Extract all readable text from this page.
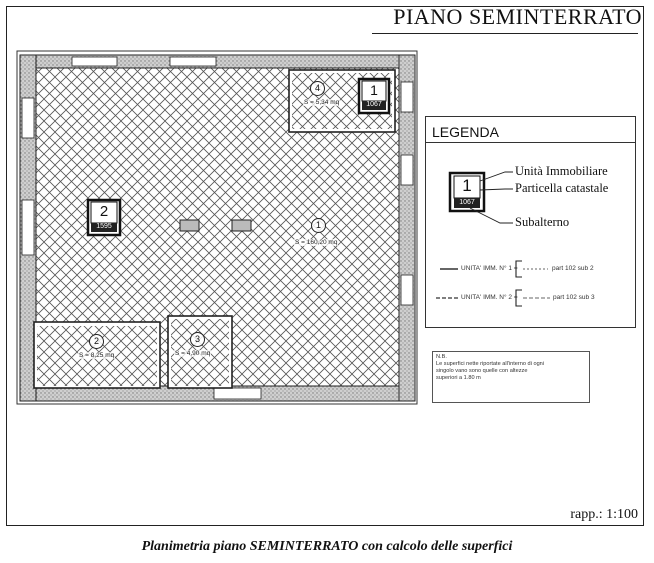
PIANO SEMINTERRATO
2
1595
1
1067
1
S = 160,20 mq
4
S = 5,34 mq
2
S = 8,25 mq
3
S = 4,90 mq
LEGENDA
1
1067
Unità Immobiliare
Particella catastale
Subalterno
UNITA' IMM. N° 1 =	part 102 sub 2
UNITA' IMM. N° 2 =	part 102 sub 3
N.B.
Le superfici nette riportate all'interno di ogni
singolo vano sono quelle con altezze
superiori a 1.80 m
rapp.: 1:100
Planimetria piano SEMINTERRATO con calcolo delle superfici
